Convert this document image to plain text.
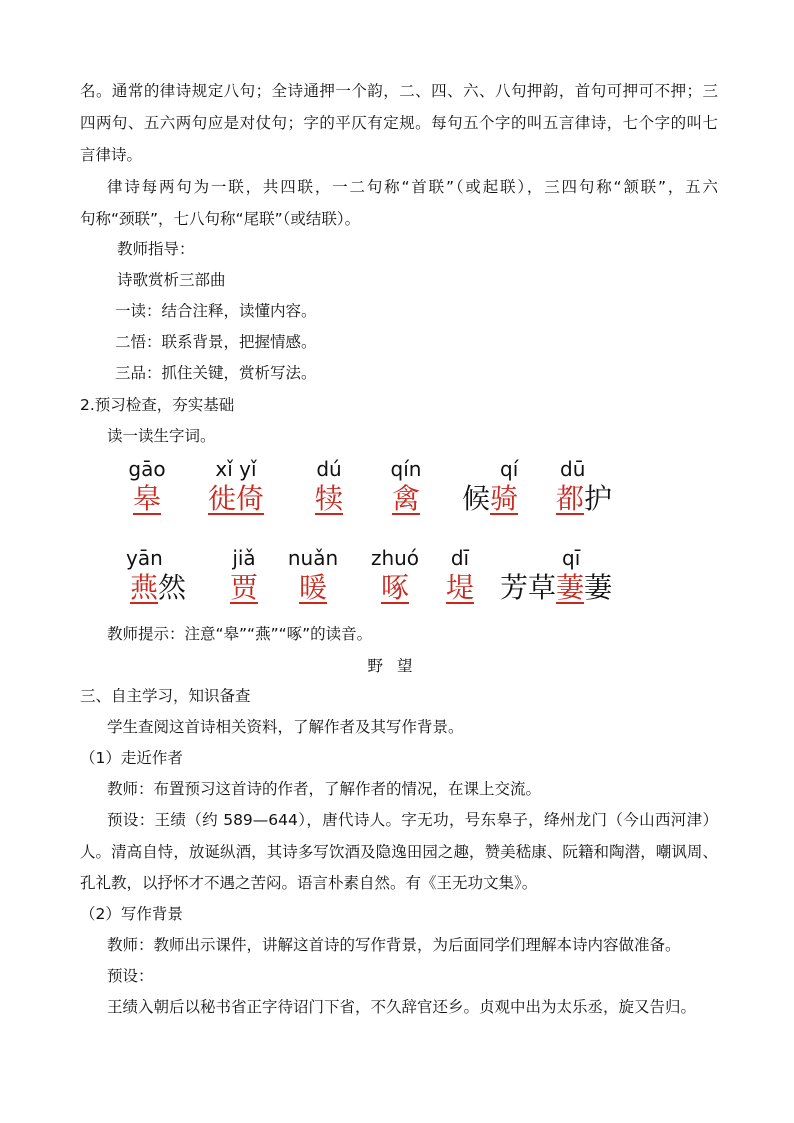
名。通常的律诗规定八句；全诗通押一个韵，二、四、六、八句押韵，首句可押可不押；三
四两句、五六两句应是对仗句；字的平仄有定规。每句五个字的叫五言律诗，七个字的叫七
言律诗。
律诗每两句为一联，共四联，一二句称“首联”（或起联），三四句称“颔联”，五六
句称“颈联”，七八句称“尾联”（或结联）。
教师指导：
诗歌赏析三部曲
一读：结合注释，读懂内容。
二悟：联系背景，把握情感。
三品：抓住关键，赏析写法。
2.预习检查，夯实基础
读一读生字词。
gāo
皋
xǐ yǐ
徙倚
dú
犊
qín
禽
qí
候骑
dū
都护
yān
燕然
jiǎ
贾
nuǎn
暖
zhuó
啄
dī
堤
qī
芳草萋萋
教师提示：注意“皋”“燕”“啄”的读音。
野望
三、自主学习，知识备查
学生查阅这首诗相关资料，了解作者及其写作背景。
（1）走近作者
教师：布置预习这首诗的作者，了解作者的情况，在课上交流。
预设：王绩（约 589—644），唐代诗人。字无功，号东皋子，绛州龙门（今山西河津）
人。清高自恃，放诞纵酒，其诗多写饮酒及隐逸田园之趣，赞美嵇康、阮籍和陶潜，嘲讽周、
孔礼教，以抒怀才不遇之苦闷。语言朴素自然。有《王无功文集》。
（2）写作背景
教师：教师出示课件，讲解这首诗的写作背景，为后面同学们理解本诗内容做准备。
预设：
王绩入朝后以秘书省正字待诏门下省，不久辞官还乡。贞观中出为太乐丞，旋又告归。
